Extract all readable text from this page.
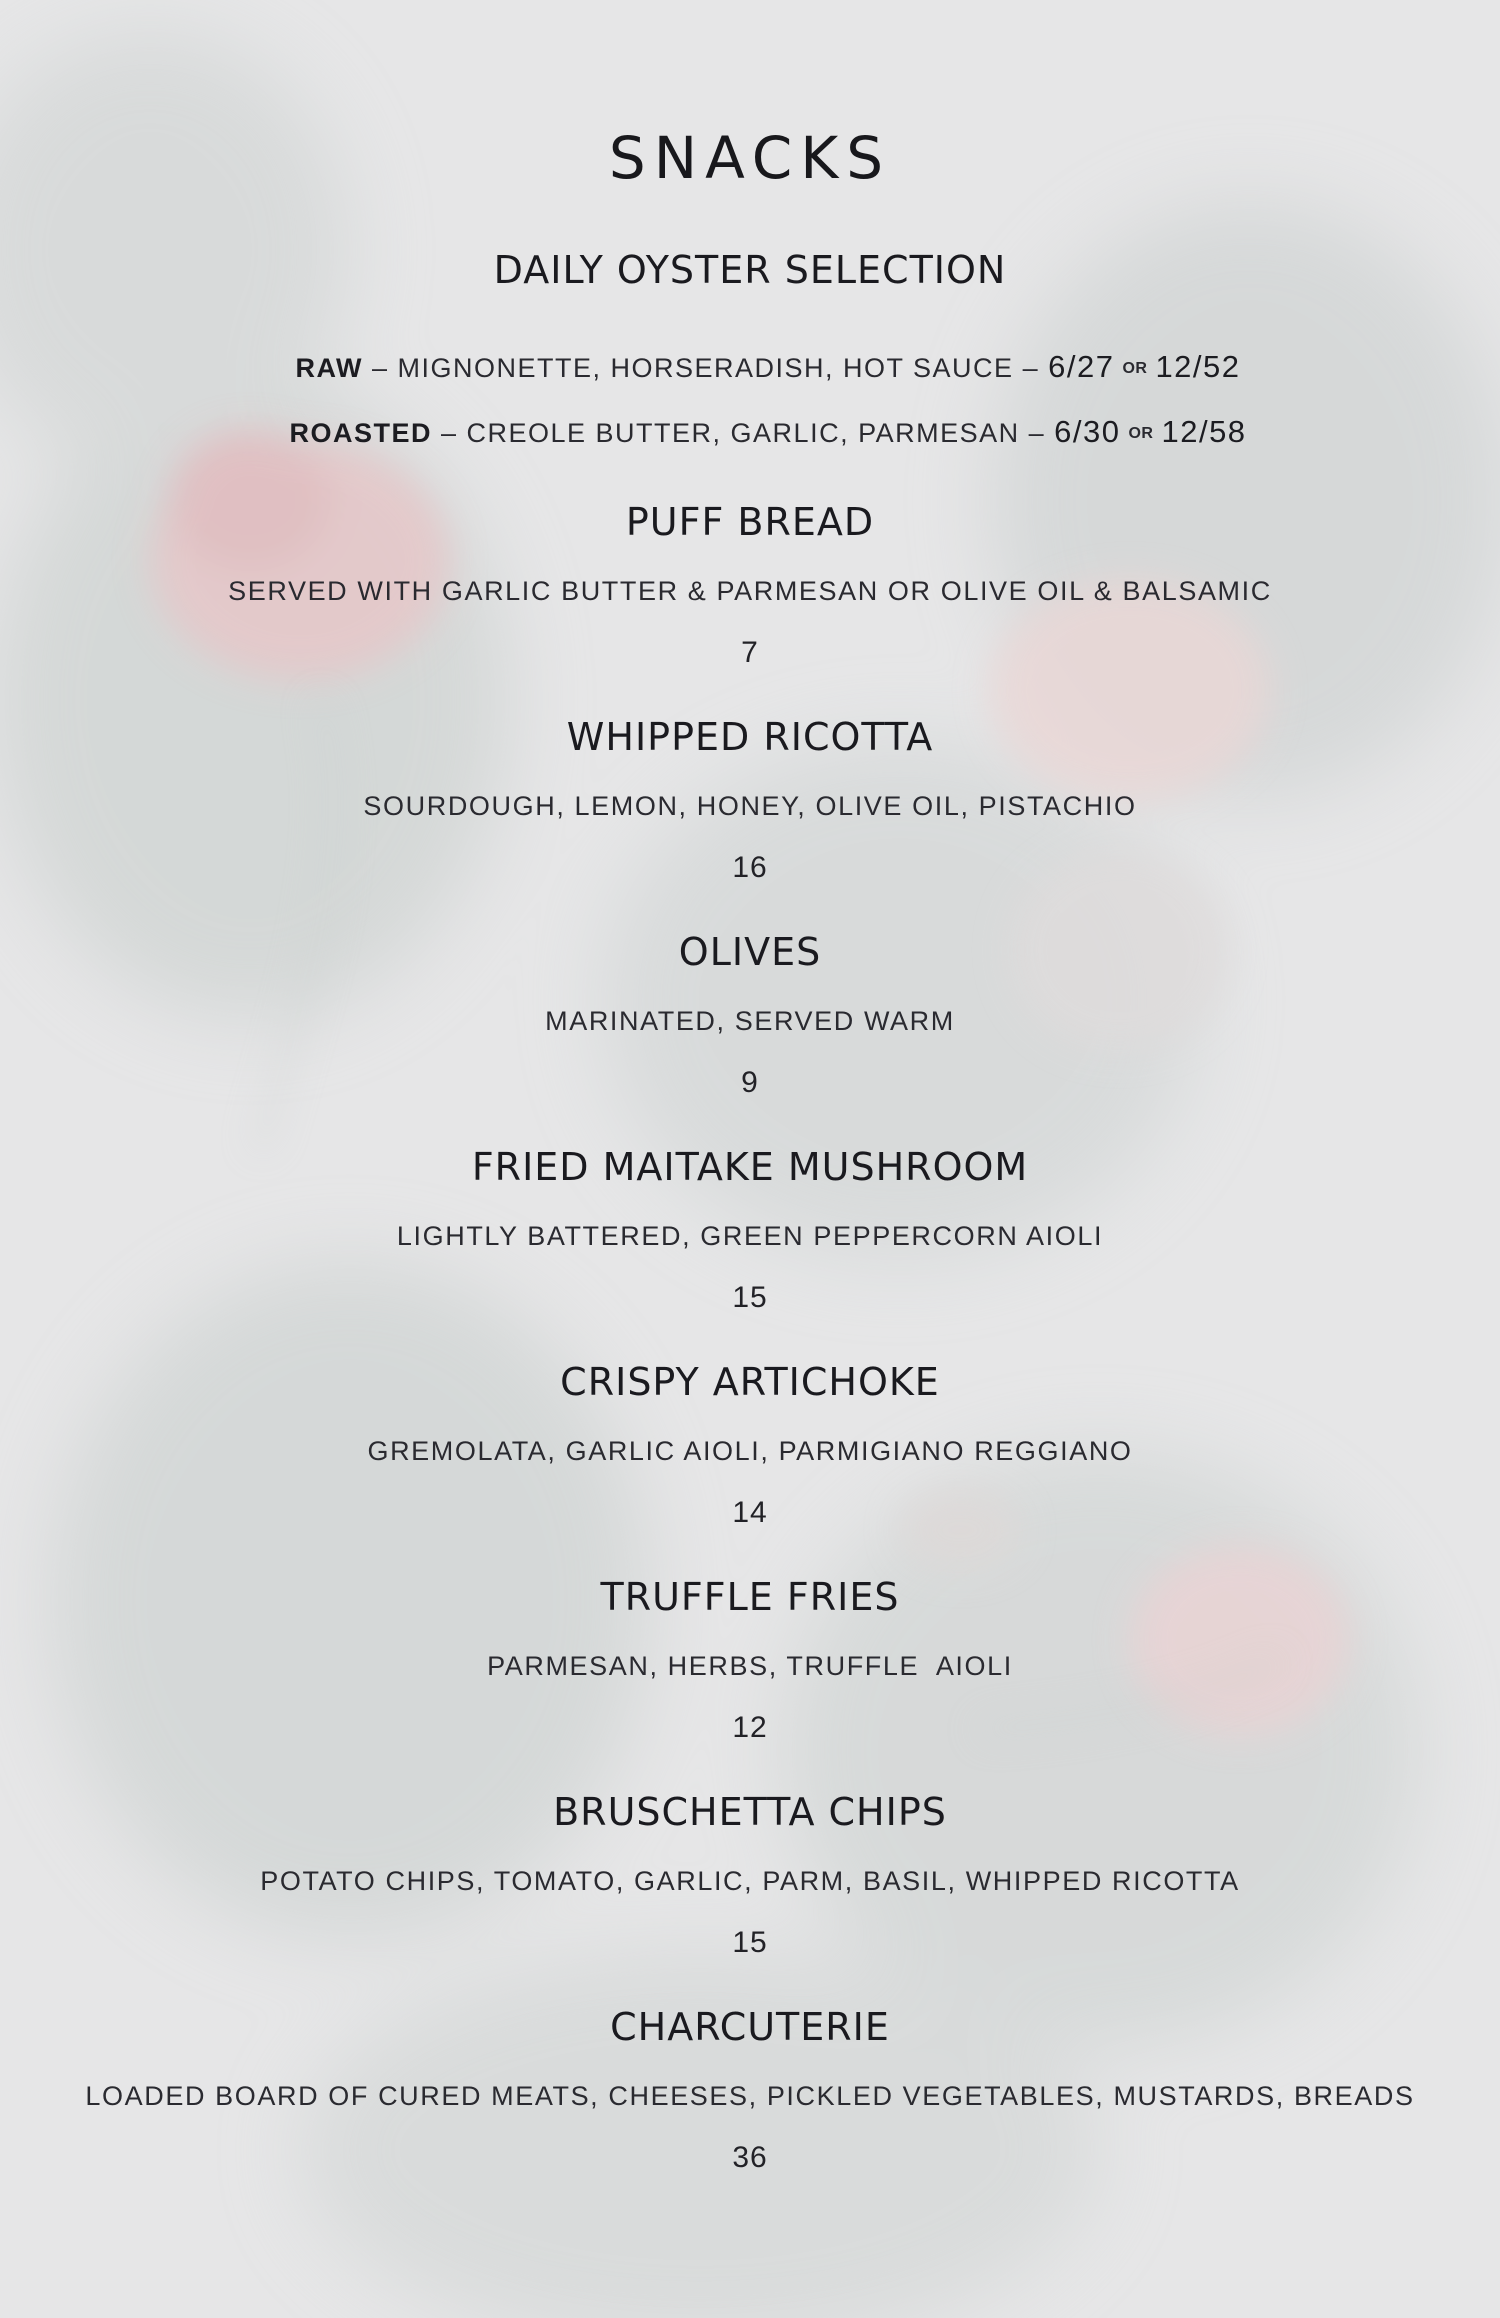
SNACKS
DAILY OYSTER SELECTION

RAW – MIGNONETTE, HORSERADISH, HOT SAUCE – 6/27 OR 12/52

ROASTED – CREOLE BUTTER, GARLIC, PARMESAN – 6/30 OR 12/58

PUFF BREAD
SERVED WITH GARLIC BUTTER & PARMESAN OR OLIVE OIL & BALSAMIC
7
WHIPPED RICOTTA
SOURDOUGH, LEMON, HONEY, OLIVE OIL, PISTACHIO
16
OLIVES
MARINATED, SERVED WARM
9
FRIED MAITAKE MUSHROOM
LIGHTLY BATTERED, GREEN PEPPERCORN AIOLI
15
CRISPY ARTICHOKE
GREMOLATA, GARLIC AIOLI, PARMIGIANO REGGIANO
14
TRUFFLE FRIES
PARMESAN, HERBS, TRUFFLE  AIOLI
12
BRUSCHETTA CHIPS
POTATO CHIPS, TOMATO, GARLIC, PARM, BASIL, WHIPPED RICOTTA
15
CHARCUTERIE
LOADED BOARD OF CURED MEATS, CHEESES, PICKLED VEGETABLES, MUSTARDS, BREADS
36
